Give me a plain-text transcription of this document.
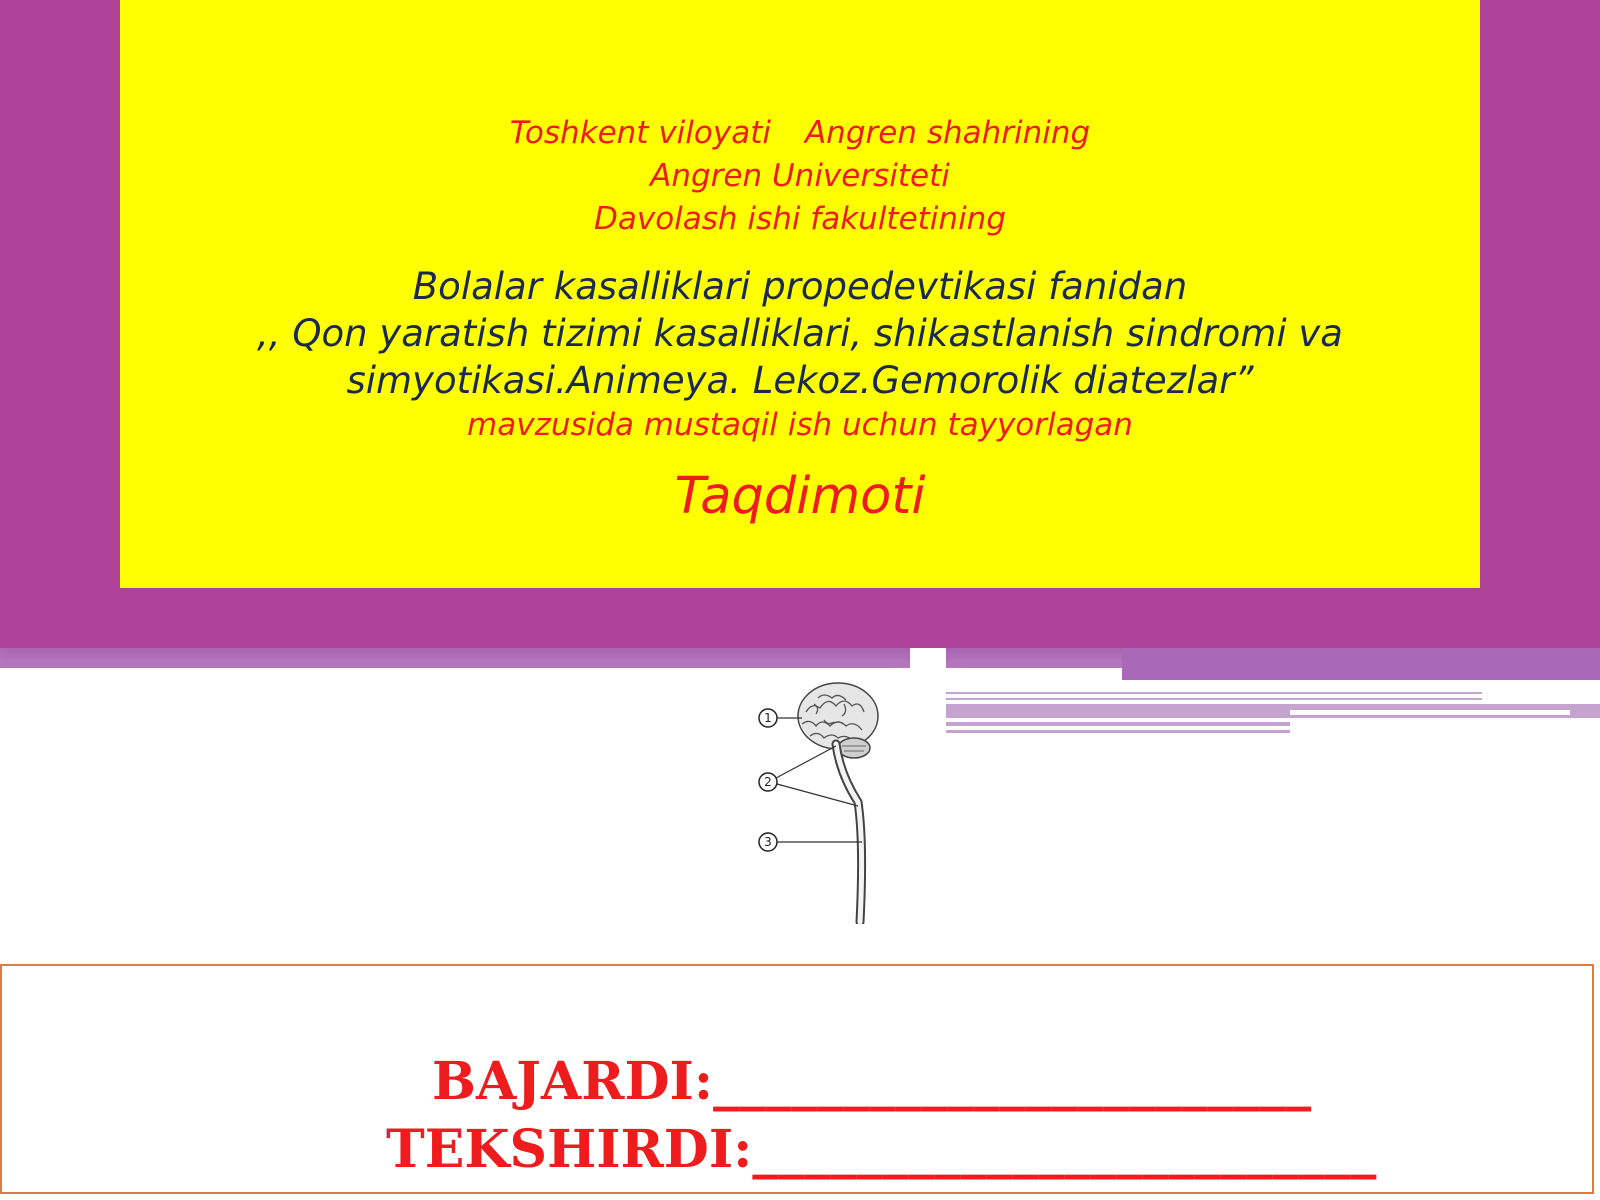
Toshkent viloyati Angren shahrining
Angren Universiteti
Davolash ishi fakultetining
Bolalar kasalliklari propedevtikasi fanidan
,, Qon yaratish tizimi kasalliklari, shikastlanish sindromi va
simyotikasi.Animeya. Lekoz.Gemorolik diatezlar”
mavzusida mustaqil ish uchun tayyorlagan
Taqdimoti
1
2
3
BAJARDI:_______________________
TEKSHIRDI:________________________
